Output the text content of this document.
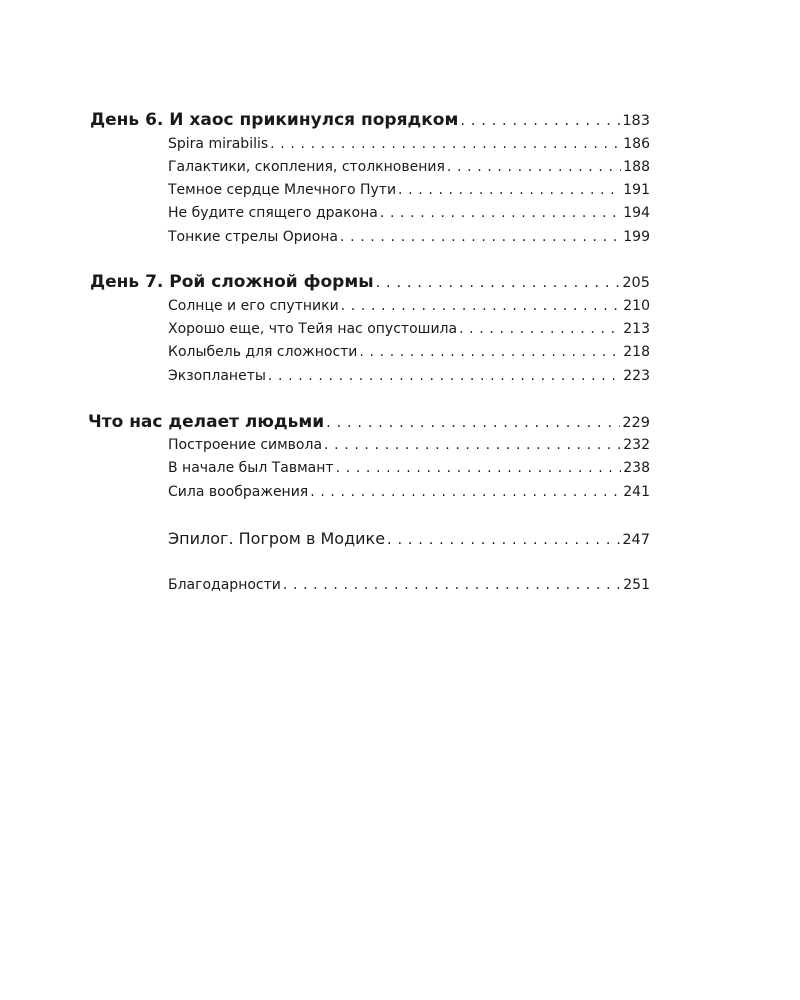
День 6. И хаос прикинулся порядком . . .	183
Spira mirabilis . . .	186
Галактики, скопления, столкновения . . .	188
Темное сердце Млечного Пути . . .	191
Не будите спящего дракона . . .	194
Тонкие стрелы Ориона . . .	199
День 7. Рой сложной формы . . .	205
Солнце и его спутники . . .	210
Хорошо еще, что Тейя нас опустошила . . .	213
Колыбель для сложности . . .	218
Экзопланеты . . .	223
Что нас делает людьми . . .	229
Построение символа . . .	232
В начале был Тавмант . . .	238
Сила воображения . . .	241
Эпилог. Погром в Модике . . .	247
Благодарности . . .	251
